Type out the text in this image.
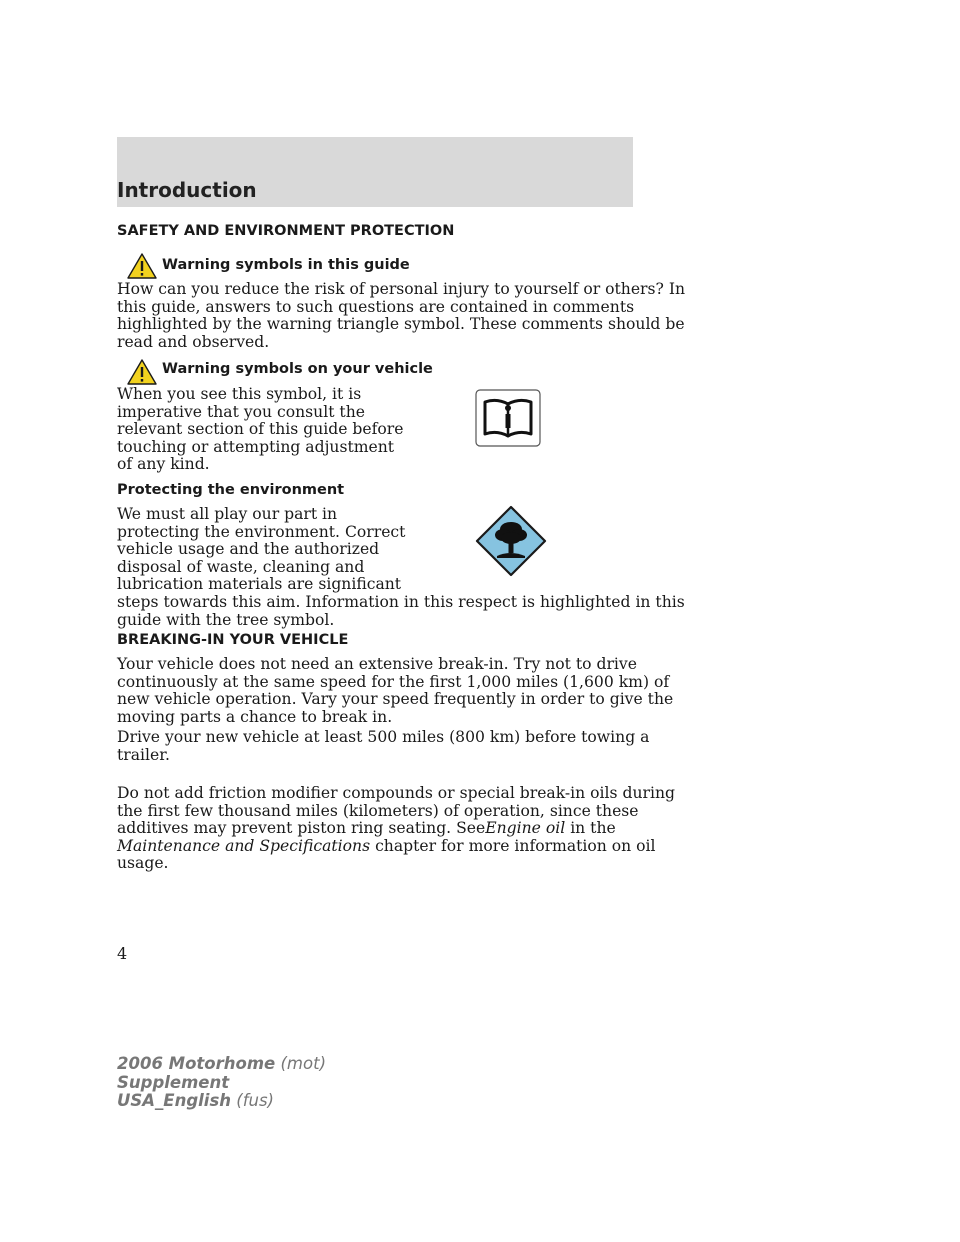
Introduction
SAFETY AND ENVIRONMENT PROTECTION
Warning symbols in this guide
How can you reduce the risk of personal injury to yourself or others? In
this guide, answers to such questions are contained in comments
highlighted by the warning triangle symbol. These comments should be
read and observed.
Warning symbols on your vehicle
When you see this symbol, it is
imperative that you consult the
relevant section of this guide before
touching or attempting adjustment
of any kind.
Protecting the environment
We must all play our part in
protecting the environment. Correct
vehicle usage and the authorized
disposal of waste, cleaning and
lubrication materials are significant
steps towards this aim. Information in this respect is highlighted in this
guide with the tree symbol.
BREAKING-IN YOUR VEHICLE
Your vehicle does not need an extensive break-in. Try not to drive
continuously at the same speed for the first 1,000 miles (1,600 km) of
new vehicle operation. Vary your speed frequently in order to give the
moving parts a chance to break in.
Drive your new vehicle at least 500 miles (800 km) before towing a
trailer.
Do not add friction modifier compounds or special break-in oils during
the first few thousand miles (kilometers) of operation, since these
additives may prevent piston ring seating. SeeEngine oil in the
Maintenance and Specifications chapter for more information on oil
usage.
4
2006 Motorhome (mot)
Supplement
USA_English (fus)
